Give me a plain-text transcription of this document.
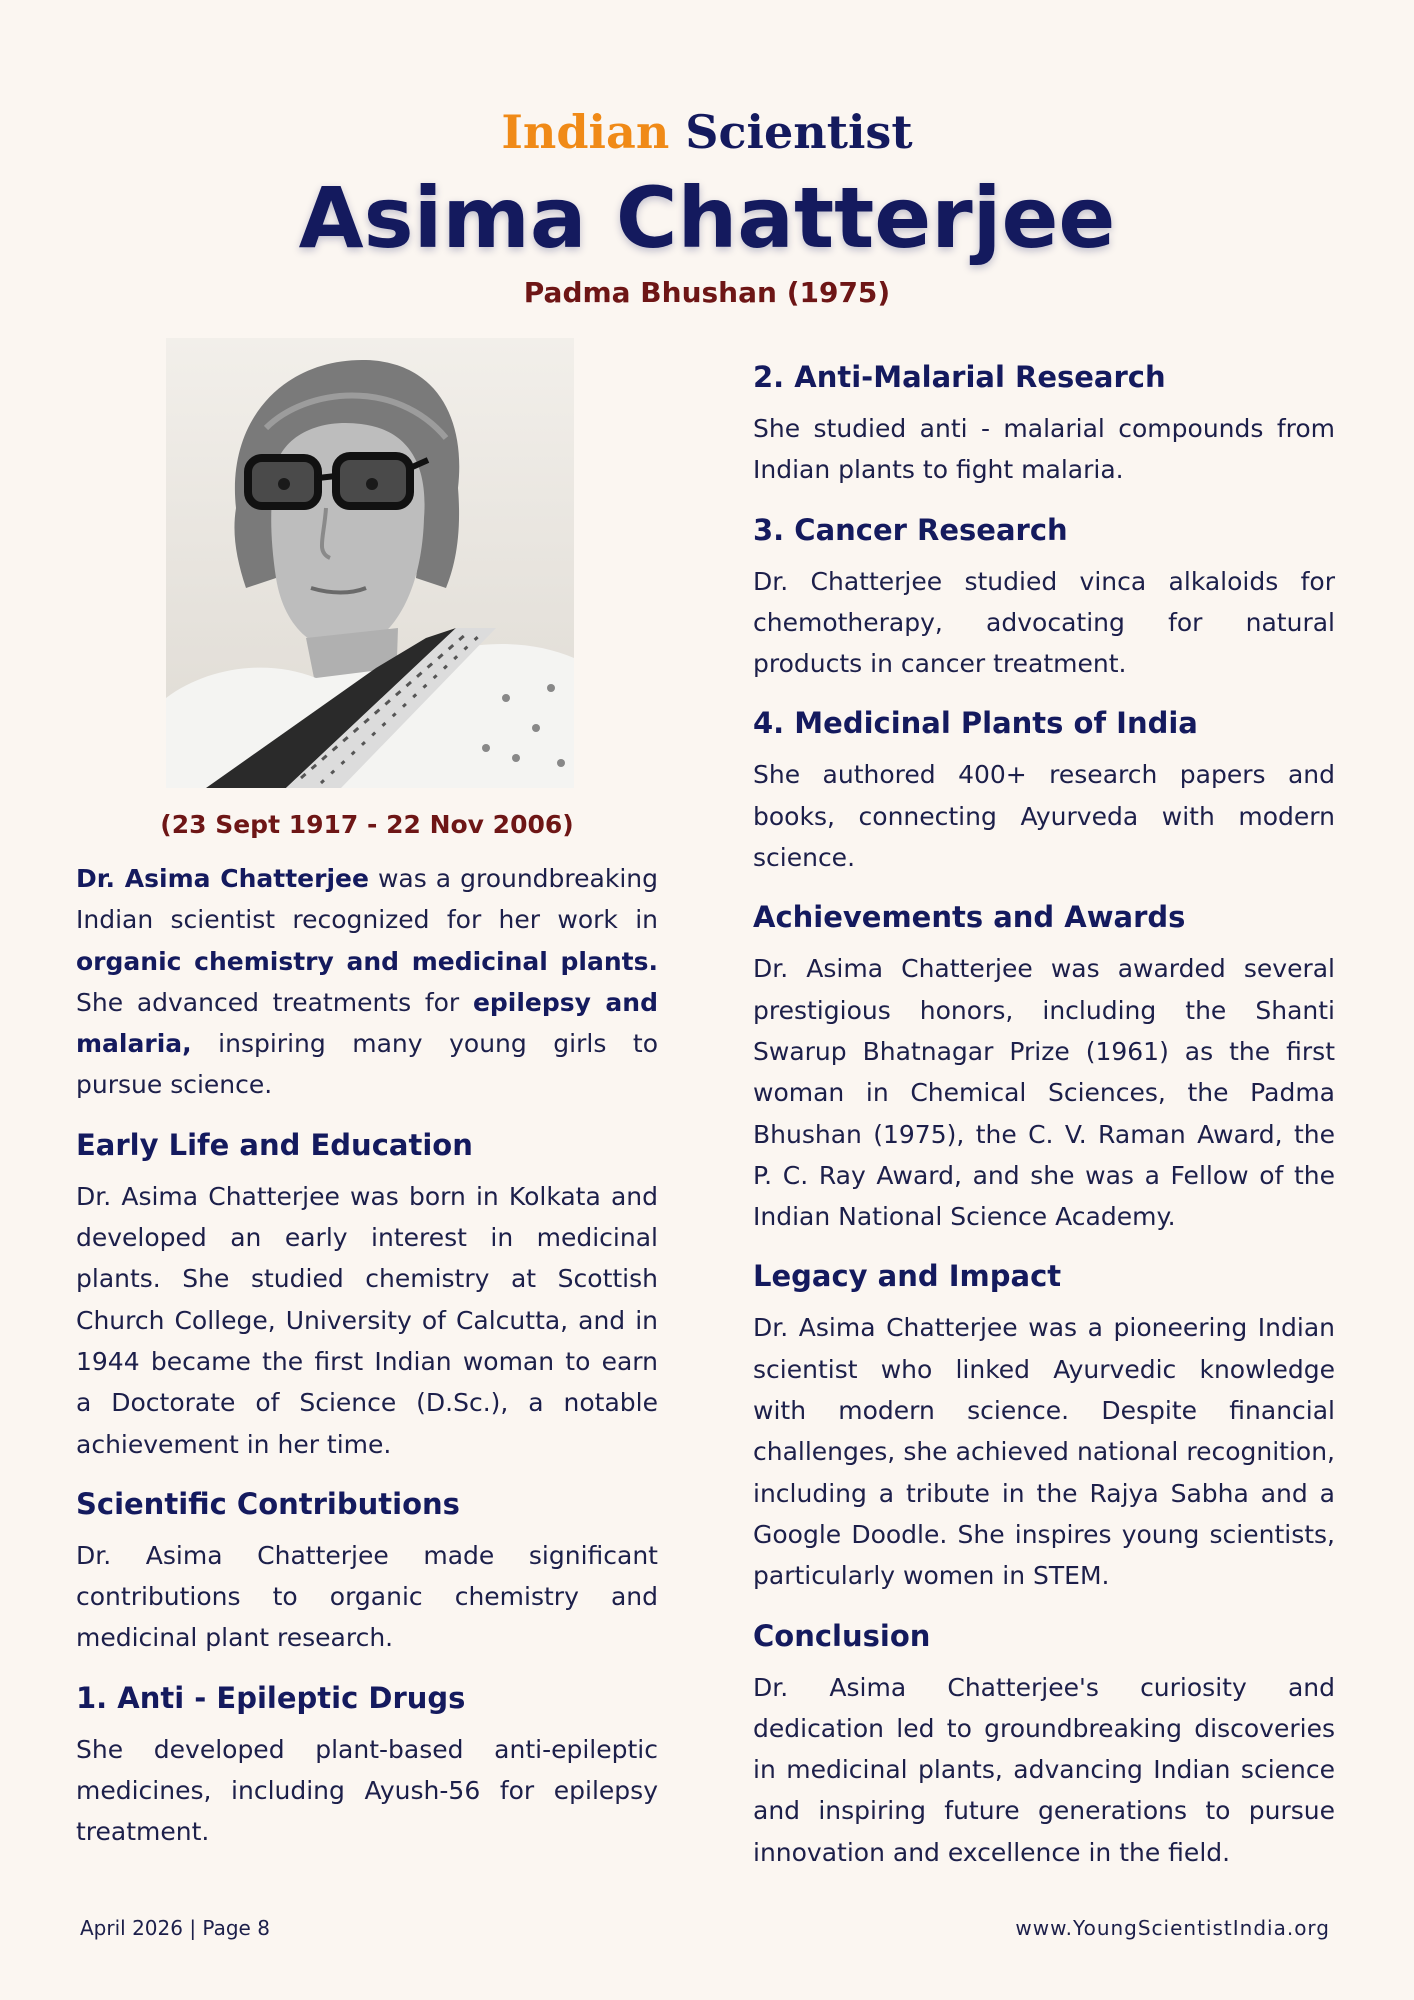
Indian Scientist
Asima Chatterjee
Padma Bhushan (1975)
(23 Sept 1917 - 22 Nov 2006)

Dr. Asima Chatterjee was a groundbreaking Indian scientist recognized for her work in organic chemistry and medicinal plants. She advanced treatments for epilepsy and malaria, inspiring many young girls to pursue science.

Early Life and Education

Dr. Asima Chatterjee was born in Kolkata and developed an early interest in medicinal plants. She studied chemistry at Scottish Church College, University of Calcutta, and in 1944 became the first Indian woman to earn a Doctorate of Science (D.Sc.), a notable achievement in her time.

Scientific Contributions

Dr. Asima Chatterjee made significant contributions to organic chemistry and medicinal plant research.

1. Anti - Epileptic Drugs

She developed plant-based anti-epileptic medicines, including Ayush-56 for epilepsy treatment.

2. Anti-Malarial Research

She studied anti - malarial compounds from Indian plants to fight malaria.

3. Cancer Research

Dr. Chatterjee studied vinca alkaloids for chemotherapy, advocating for natural products in cancer treatment.

4. Medicinal Plants of India

She authored 400+ research papers and books, connecting Ayurveda with modern science.

Achievements and Awards

Dr. Asima Chatterjee was awarded several prestigious honors, including the Shanti Swarup Bhatnagar Prize (1961) as the first woman in Chemical Sciences, the Padma Bhushan (1975), the C. V. Raman Award, the P. C. Ray Award, and she was a Fellow of the Indian National Science Academy.

Legacy and Impact

Dr. Asima Chatterjee was a pioneering Indian scientist who linked Ayurvedic knowledge with modern science. Despite financial challenges, she achieved national recognition, including a tribute in the Rajya Sabha and a Google Doodle. She inspires young scientists, particularly women in STEM.

Conclusion

Dr. Asima Chatterjee's curiosity and dedication led to groundbreaking discoveries in medicinal plants, advancing Indian science and inspiring future generations to pursue innovation and excellence in the field.

April 2026 | Page 8	www.YoungScientistIndia.org
